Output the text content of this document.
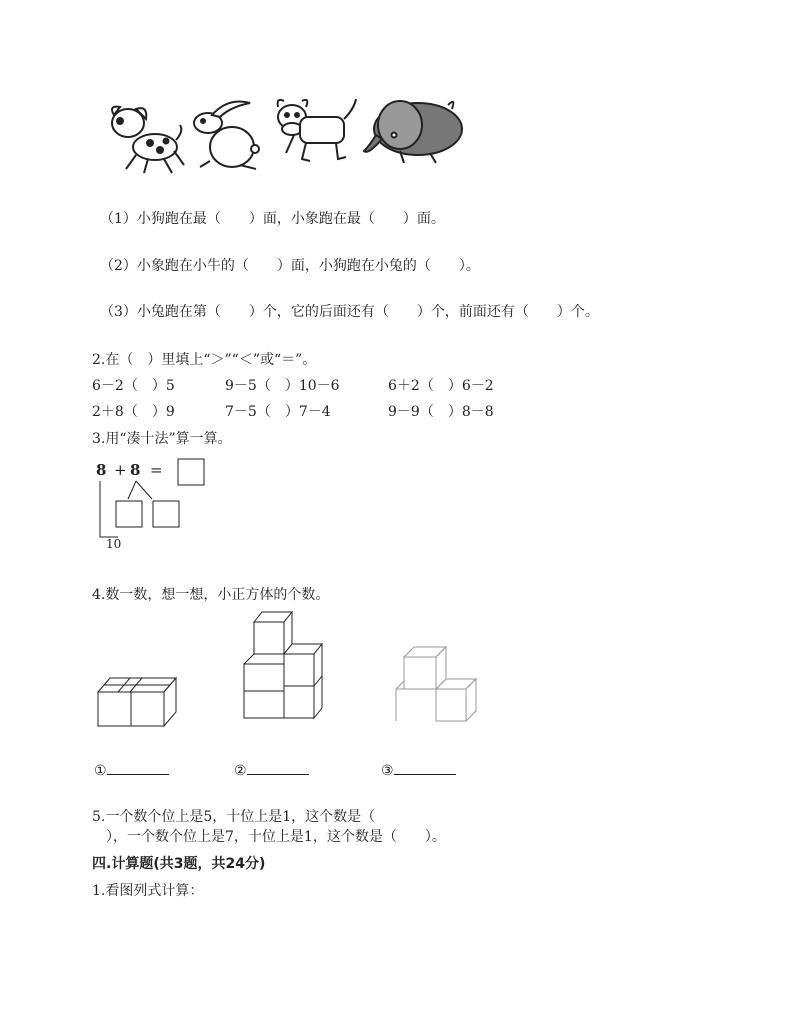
（1）小狗跑在最（　　）面，小象跑在最（　　）面。
（2）小象跑在小牛的（　　）面，小狗跑在小兔的（　　）。
（3）小兔跑在第（　　）个，它的后面还有（　　）个，前面还有（　　）个。
2.在（　）里填上“＞”“＜”或“＝”。
6－2（　）5	9－5（　）10－6	6＋2（　）6－2
2＋8（　）9	7－5（　）7－4	9－9（　）8－8
3.用“凑十法”算一算。
8 + 8 =
10
4.数一数，想一想，小正方体的个数。
①	②	③
5.一个数个位上是5，十位上是1，这个数是（
　），一个数个位上是7，十位上是1，这个数是（　　）。
四.计算题(共3题，共24分)
1.看图列式计算：
